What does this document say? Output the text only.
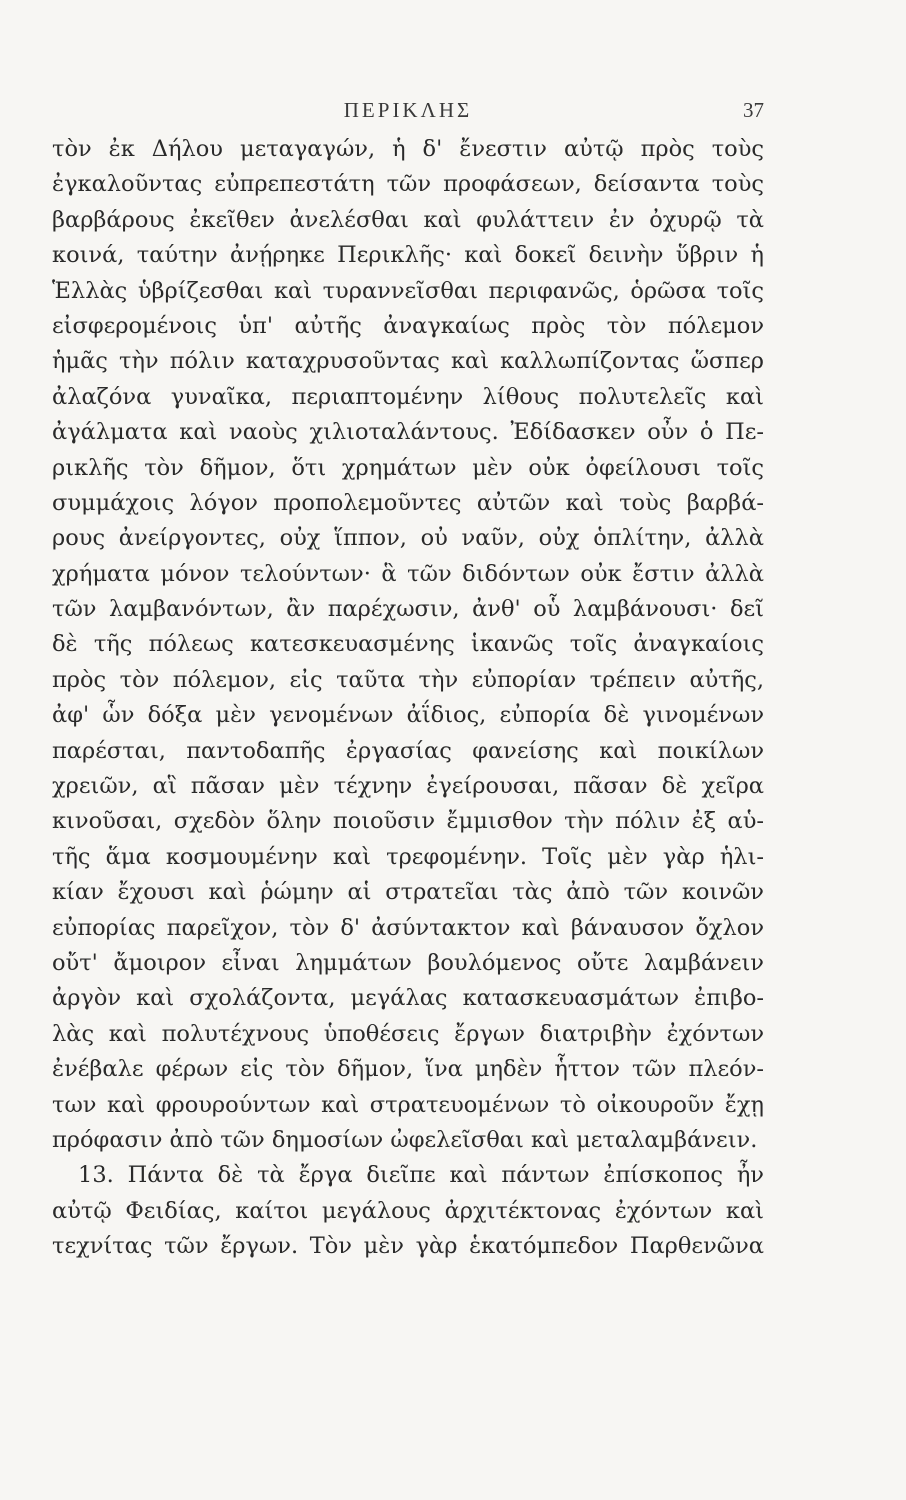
ΠΕΡΙΚΛΗΣ	37
τὸν ἐκ Δήλου μεταγαγών, ἡ δ' ἔνεστιν αὐτῷ πρὸς τοὺς
ἐγκαλοῦντας εὐπρεπεστάτη τῶν προφάσεων, δείσαντα τοὺς
βαρβάρους ἐκεῖθεν ἀνελέσθαι καὶ φυλάττειν ἐν ὀχυρῷ τὰ
κοινά, ταύτην ἀνῄρηκε Περικλῆς· καὶ δοκεῖ δεινὴν ὕβριν ἡ
Ἑλλὰς ὑβρίζεσθαι καὶ τυραννεῖσθαι περιφανῶς, ὁρῶσα τοῖς
εἰσφερομένοις ὑπ' αὐτῆς ἀναγκαίως πρὸς τὸν πόλεμον
ἡμᾶς τὴν πόλιν καταχρυσοῦντας καὶ καλλωπίζοντας ὥσπερ
ἀλαζόνα γυναῖκα, περιαπτομένην λίθους πολυτελεῖς καὶ
ἀγάλματα καὶ ναοὺς χιλιοταλάντους. Ἐδίδασκεν οὖν ὁ Πε-
ρικλῆς τὸν δῆμον, ὅτι χρημάτων μὲν οὐκ ὀφείλουσι τοῖς
συμμάχοις λόγον προπολεμοῦντες αὐτῶν καὶ τοὺς βαρβά-
ρους ἀνείργοντες, οὐχ ἵππον, οὐ ναῦν, οὐχ ὁπλίτην, ἀλλὰ
χρήματα μόνον τελούντων· ἃ τῶν διδόντων οὐκ ἔστιν ἀλλὰ
τῶν λαμβανόντων, ἂν παρέχωσιν, ἀνθ' οὗ λαμβάνουσι· δεῖ
δὲ τῆς πόλεως κατεσκευασμένης ἱκανῶς τοῖς ἀναγκαίοις
πρὸς τὸν πόλεμον, εἰς ταῦτα τὴν εὐπορίαν τρέπειν αὐτῆς,
ἀφ' ὧν δόξα μὲν γενομένων ἀΐδιος, εὐπορία δὲ γινομένων
παρέσται, παντοδαπῆς ἐργασίας φανείσης καὶ ποικίλων
χρειῶν, αἳ πᾶσαν μὲν τέχνην ἐγείρουσαι, πᾶσαν δὲ χεῖρα
κινοῦσαι, σχεδὸν ὅλην ποιοῦσιν ἔμμισθον τὴν πόλιν ἐξ αὑ-
τῆς ἅμα κοσμουμένην καὶ τρεφομένην. Τοῖς μὲν γὰρ ἡλι-
κίαν ἔχουσι καὶ ῥώμην αἱ στρατεῖαι τὰς ἀπὸ τῶν κοινῶν
εὐπορίας παρεῖχον, τὸν δ' ἀσύντακτον καὶ βάναυσον ὄχλον
οὔτ' ἄμοιρον εἶναι λημμάτων βουλόμενος οὔτε λαμβάνειν
ἀργὸν καὶ σχολάζοντα, μεγάλας κατασκευασμάτων ἐπιβο-
λὰς καὶ πολυτέχνους ὑποθέσεις ἔργων διατριβὴν ἐχόντων
ἐνέβαλε φέρων εἰς τὸν δῆμον, ἵνα μηδὲν ἧττον τῶν πλεόν-
των καὶ φρουρούντων καὶ στρατευομένων τὸ οἰκουροῦν ἔχῃ
πρόφασιν ἀπὸ τῶν δημοσίων ὠφελεῖσθαι καὶ μεταλαμβάνειν.
13. Πάντα δὲ τὰ ἔργα διεῖπε καὶ πάντων ἐπίσκοπος ἦν
αὐτῷ Φειδίας, καίτοι μεγάλους ἀρχιτέκτονας ἐχόντων καὶ
τεχνίτας τῶν ἔργων. Τὸν μὲν γὰρ ἑκατόμπεδον Παρθενῶνα
